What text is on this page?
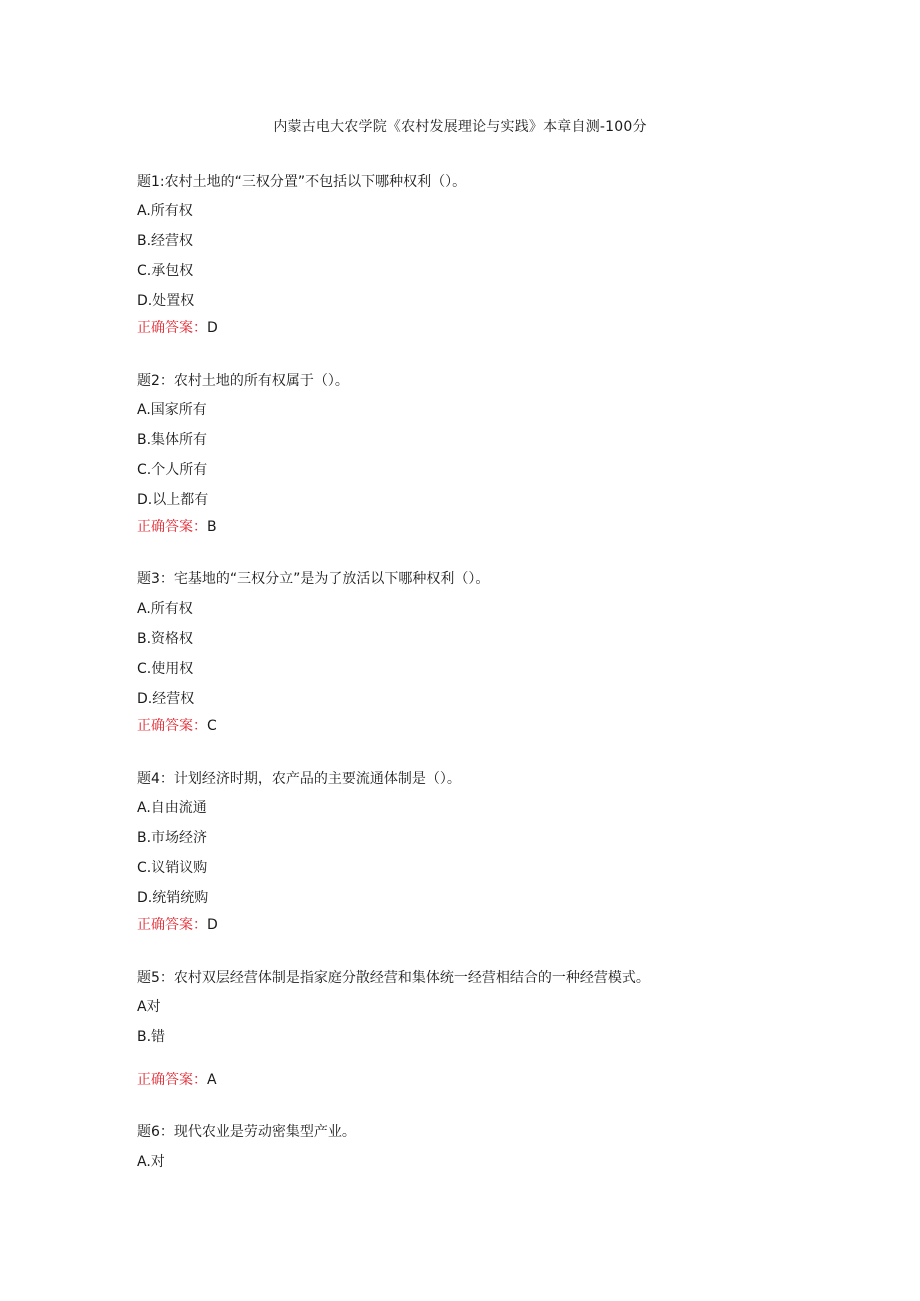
内蒙古电大农学院《农村发展理论与实践》本章自测-100分
题1:农村土地的“三权分置”不包括以下哪种权利（）。
A.所有权
B.经营权
C.承包权
D.处置权
正确答案：D
题2：农村土地的所有权属于（）。
A.国家所有
B.集体所有
C.个人所有
D.以上都有
正确答案：B
题3：宅基地的“三权分立”是为了放活以下哪种权利（）。
A.所有权
B.资格权
C.使用权
D.经营权
正确答案：C
题4：计划经济时期，农产品的主要流通体制是（）。
A.自由流通
B.市场经济
C.议销议购
D.统销统购
正确答案：D
题5：农村双层经营体制是指家庭分散经营和集体统一经营相结合的一种经营模式。
A对
B.错
正确答案：A
题6：现代农业是劳动密集型产业。
A.对
